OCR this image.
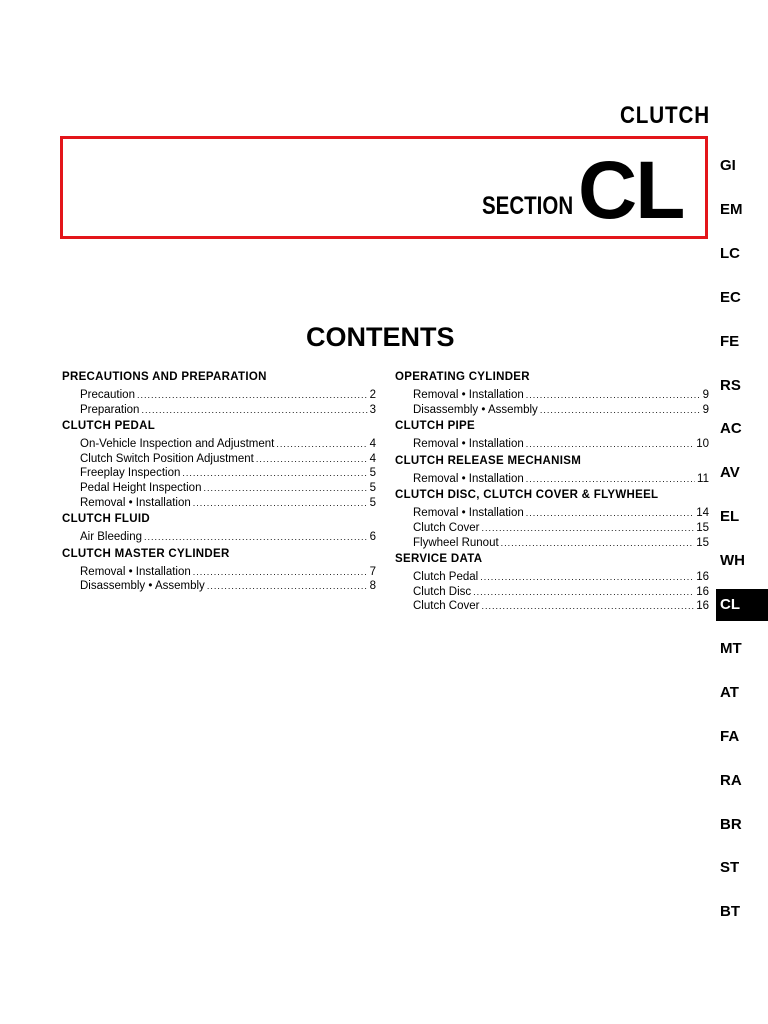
CLUTCH
SECTION CL
CONTENTS
PRECAUTIONS AND PREPARATION
Precaution .....	2
Preparation .....	3
CLUTCH PEDAL
On-Vehicle Inspection and Adjustment .....	4
Clutch Switch Position Adjustment .....	4
Freeplay Inspection .....	5
Pedal Height Inspection .....	5
Removal • Installation .....	5
CLUTCH FLUID
Air Bleeding .....	6
CLUTCH MASTER CYLINDER
Removal • Installation .....	7
Disassembly • Assembly .....	8
OPERATING CYLINDER
Removal • Installation .....	9
Disassembly • Assembly .....	9
CLUTCH PIPE
Removal • Installation .....	10
CLUTCH RELEASE MECHANISM
Removal • Installation .....	11
CLUTCH DISC, CLUTCH COVER & FLYWHEEL
Removal • Installation .....	14
Clutch Cover .....	15
Flywheel Runout .....	15
SERVICE DATA
Clutch Pedal .....	16
Clutch Disc .....	16
Clutch Cover .....	16
GI
EM
LC
EC
FE
RS
AC
AV
EL
WH
CL
MT
AT
FA
RA
BR
ST
BT
